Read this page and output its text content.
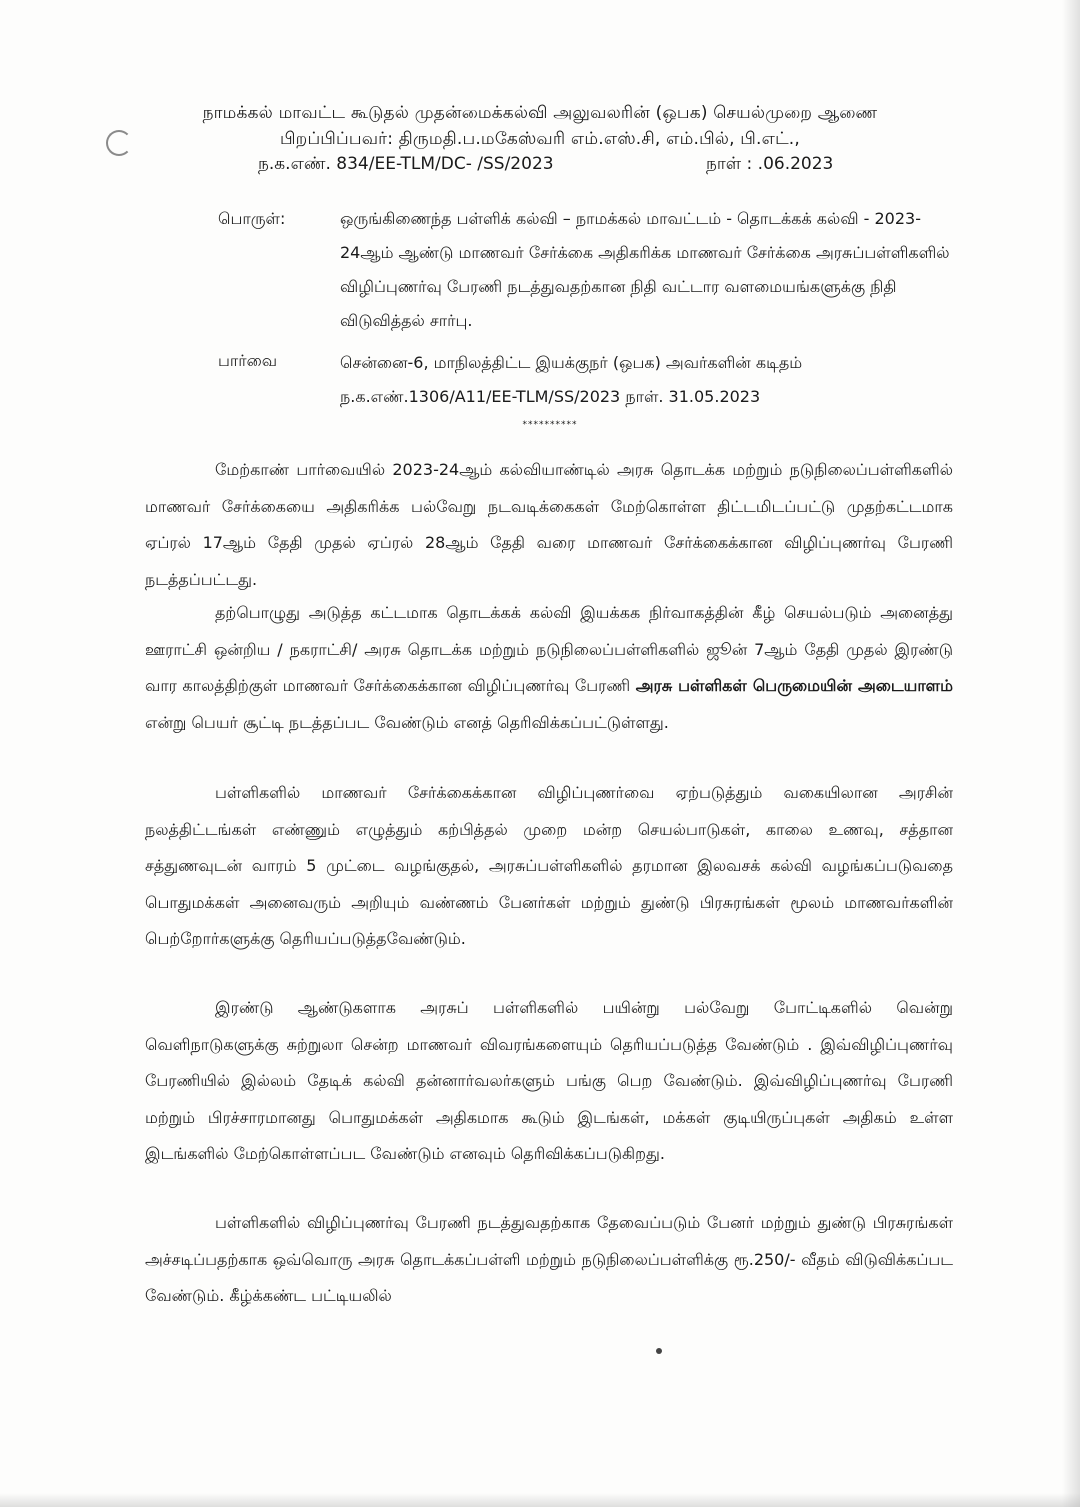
நாமக்கல் மாவட்ட கூடுதல் முதன்மைக்கல்வி அலுவலரின் (ஒபக) செயல்முறை ஆணை
பிறப்பிப்பவர்: திருமதி.ப.மகேஸ்வரி எம்.எஸ்.சி, எம்.பில், பி.எட்.,
ந.க.எண். 834/EE-TLM/DC- /SS/2023	நாள் : .06.2023
பொருள்:	ஒருங்கிணைந்த பள்ளிக் கல்வி – நாமக்கல் மாவட்டம் - தொடக்கக் கல்வி - 2023-24ஆம் ஆண்டு மாணவர் சேர்க்கை அதிகரிக்க மாணவர் சேர்க்கை அரசுப்பள்ளிகளில் விழிப்புணர்வு பேரணி நடத்துவதற்கான நிதி வட்டார வளமையங்களுக்கு நிதி விடுவித்தல் சார்பு.
பார்வை	சென்னை-6, மாநிலத்திட்ட இயக்குநர் (ஒபக) அவர்களின் கடிதம்
ந.க.எண்.1306/A11/EE-TLM/SS/2023 நாள். 31.05.2023
**********

மேற்காண் பார்வையில் 2023-24ஆம் கல்வியாண்டில் அரசு தொடக்க மற்றும் நடுநிலைப்பள்ளிகளில் மாணவர் சேர்க்கையை அதிகரிக்க பல்வேறு நடவடிக்கைகள் மேற்கொள்ள திட்டமிடப்பட்டு முதற்கட்டமாக ஏப்ரல் 17ஆம் தேதி முதல் ஏப்ரல் 28ஆம் தேதி வரை மாணவர் சேர்க்கைக்கான விழிப்புணர்வு பேரணி நடத்தப்பட்டது.

தற்பொழுது அடுத்த கட்டமாக தொடக்கக் கல்வி இயக்கக நிர்வாகத்தின் கீழ் செயல்படும் அனைத்து ஊராட்சி ஒன்றிய / நகராட்சி/ அரசு தொடக்க மற்றும் நடுநிலைப்பள்ளிகளில் ஜூன் 7ஆம் தேதி முதல் இரண்டு வார காலத்திற்குள் மாணவர் சேர்க்கைக்கான விழிப்புணர்வு பேரணி அரசு பள்ளிகள் பெருமையின் அடையாளம் என்று பெயர் சூட்டி நடத்தப்பட வேண்டும் எனத் தெரிவிக்கப்பட்டுள்ளது.

பள்ளிகளில் மாணவர் சேர்க்கைக்கான விழிப்புணர்வை ஏற்படுத்தும் வகையிலான அரசின் நலத்திட்டங்கள் எண்ணும் எழுத்தும் கற்பித்தல் முறை மன்ற செயல்பாடுகள், காலை உணவு, சத்தான சத்துணவுடன் வாரம் 5 முட்டை வழங்குதல், அரசுப்பள்ளிகளில் தரமான இலவசக் கல்வி வழங்கப்படுவதை பொதுமக்கள் அனைவரும் அறியும் வண்ணம் பேனர்கள் மற்றும் துண்டு பிரசுரங்கள் மூலம் மாணவர்களின் பெற்றோர்களுக்கு தெரியப்படுத்தவேண்டும்.

இரண்டு ஆண்டுகளாக அரசுப் பள்ளிகளில் பயின்று பல்வேறு போட்டிகளில் வென்று வெளிநாடுகளுக்கு சுற்றுலா சென்ற மாணவர் விவரங்களையும் தெரியப்படுத்த வேண்டும் . இவ்விழிப்புணர்வு பேரணியில் இல்லம் தேடிக் கல்வி தன்னார்வலர்களும் பங்கு பெற வேண்டும். இவ்விழிப்புணர்வு பேரணி மற்றும் பிரச்சாரமானது பொதுமக்கள் அதிகமாக கூடும் இடங்கள், மக்கள் குடியிருப்புகள் அதிகம் உள்ள இடங்களில் மேற்கொள்ளப்பட வேண்டும் எனவும் தெரிவிக்கப்படுகிறது.

பள்ளிகளில் விழிப்புணர்வு பேரணி நடத்துவதற்காக தேவைப்படும் பேனர் மற்றும் துண்டு பிரசுரங்கள் அச்சடிப்பதற்காக ஒவ்வொரு அரசு தொடக்கப்பள்ளி மற்றும் நடுநிலைப்பள்ளிக்கு ரூ.250/- வீதம் விடுவிக்கப்பட வேண்டும். கீழ்க்கண்ட பட்டியலில்
